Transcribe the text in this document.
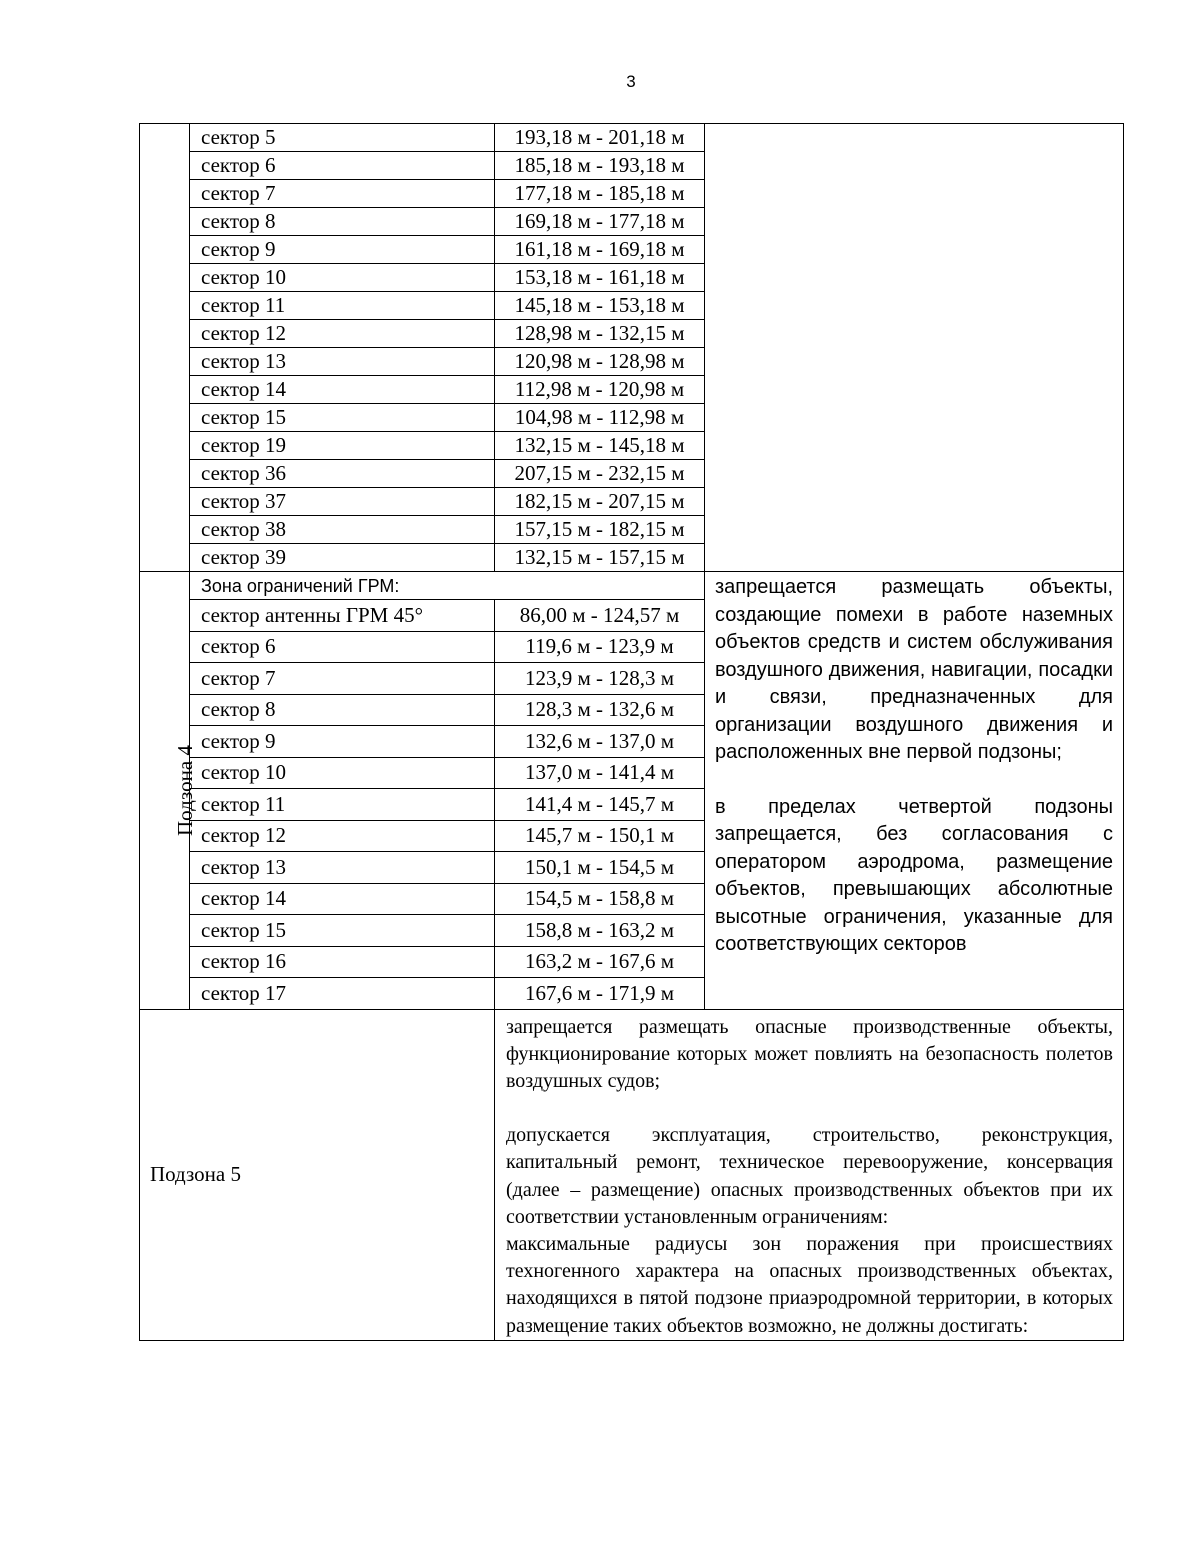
3
	сектор 5	193,18 м - 201,18 м	
	сектор 6	185,18 м - 193,18 м	
	сектор 7	177,18 м - 185,18 м	
	сектор 8	169,18 м - 177,18 м	
	сектор 9	161,18 м - 169,18 м	
	сектор 10	153,18 м - 161,18 м	
	сектор 11	145,18 м - 153,18 м	
	сектор 12	128,98 м - 132,15 м	
	сектор 13	120,98 м - 128,98 м	
	сектор 14	112,98 м - 120,98 м	
	сектор 15	104,98 м - 112,98 м	
	сектор 19	132,15 м - 145,18 м	
	сектор 36	207,15 м - 232,15 м	
	сектор 37	182,15 м - 207,15 м	
	сектор 38	157,15 м - 182,15 м	
	сектор 39	132,15 м - 157,15 м	
Подзона 4	Зона ограничений ГРМ:		запрещается размещать объекты, создающие помехи в работе наземных объектов средств и систем обслуживания воздушного движения, навигации, посадки и связи, предназначенных для организации воздушного движения и расположенных вне первой подзоны;

в пределах четвертой подзоны запрещается, без согласования с оператором аэродрома, размещение объектов, превышающих абсолютные высотные ограничения, указанные для соответствующих секторов

	сектор антенны ГРМ 45°	86,00 м - 124,57 м	
	сектор 6	119,6 м - 123,9 м	
	сектор 7	123,9 м - 128,3 м	
	сектор 8	128,3 м - 132,6 м	
	сектор 9	132,6 м - 137,0 м	
	сектор 10	137,0 м - 141,4 м	
	сектор 11	141,4 м - 145,7 м	
	сектор 12	145,7 м - 150,1 м	
	сектор 13	150,1 м - 154,5 м	
	сектор 14	154,5 м - 158,8 м	
	сектор 15	158,8 м - 163,2 м	
	сектор 16	163,2 м - 167,6 м	
	сектор 17	167,6 м - 171,9 м	
Подзона 5		запрещается размещать опасные производственные объекты, функционирование которых может повлиять на безопасность полетов воздушных судов;

допускается эксплуатация, строительство, реконструкция, капитальный ремонт, техническое перевооружение, консервация (далее – размещение) опасных производственных объектов при их соответствии установленным ограничениям:

максимальные радиусы зон поражения при происшествиях техногенного характера на опасных производственных объектах, находящихся в пятой подзоне приаэродромной территории, в которых размещение таких объектов возможно, не должны достигать:	
